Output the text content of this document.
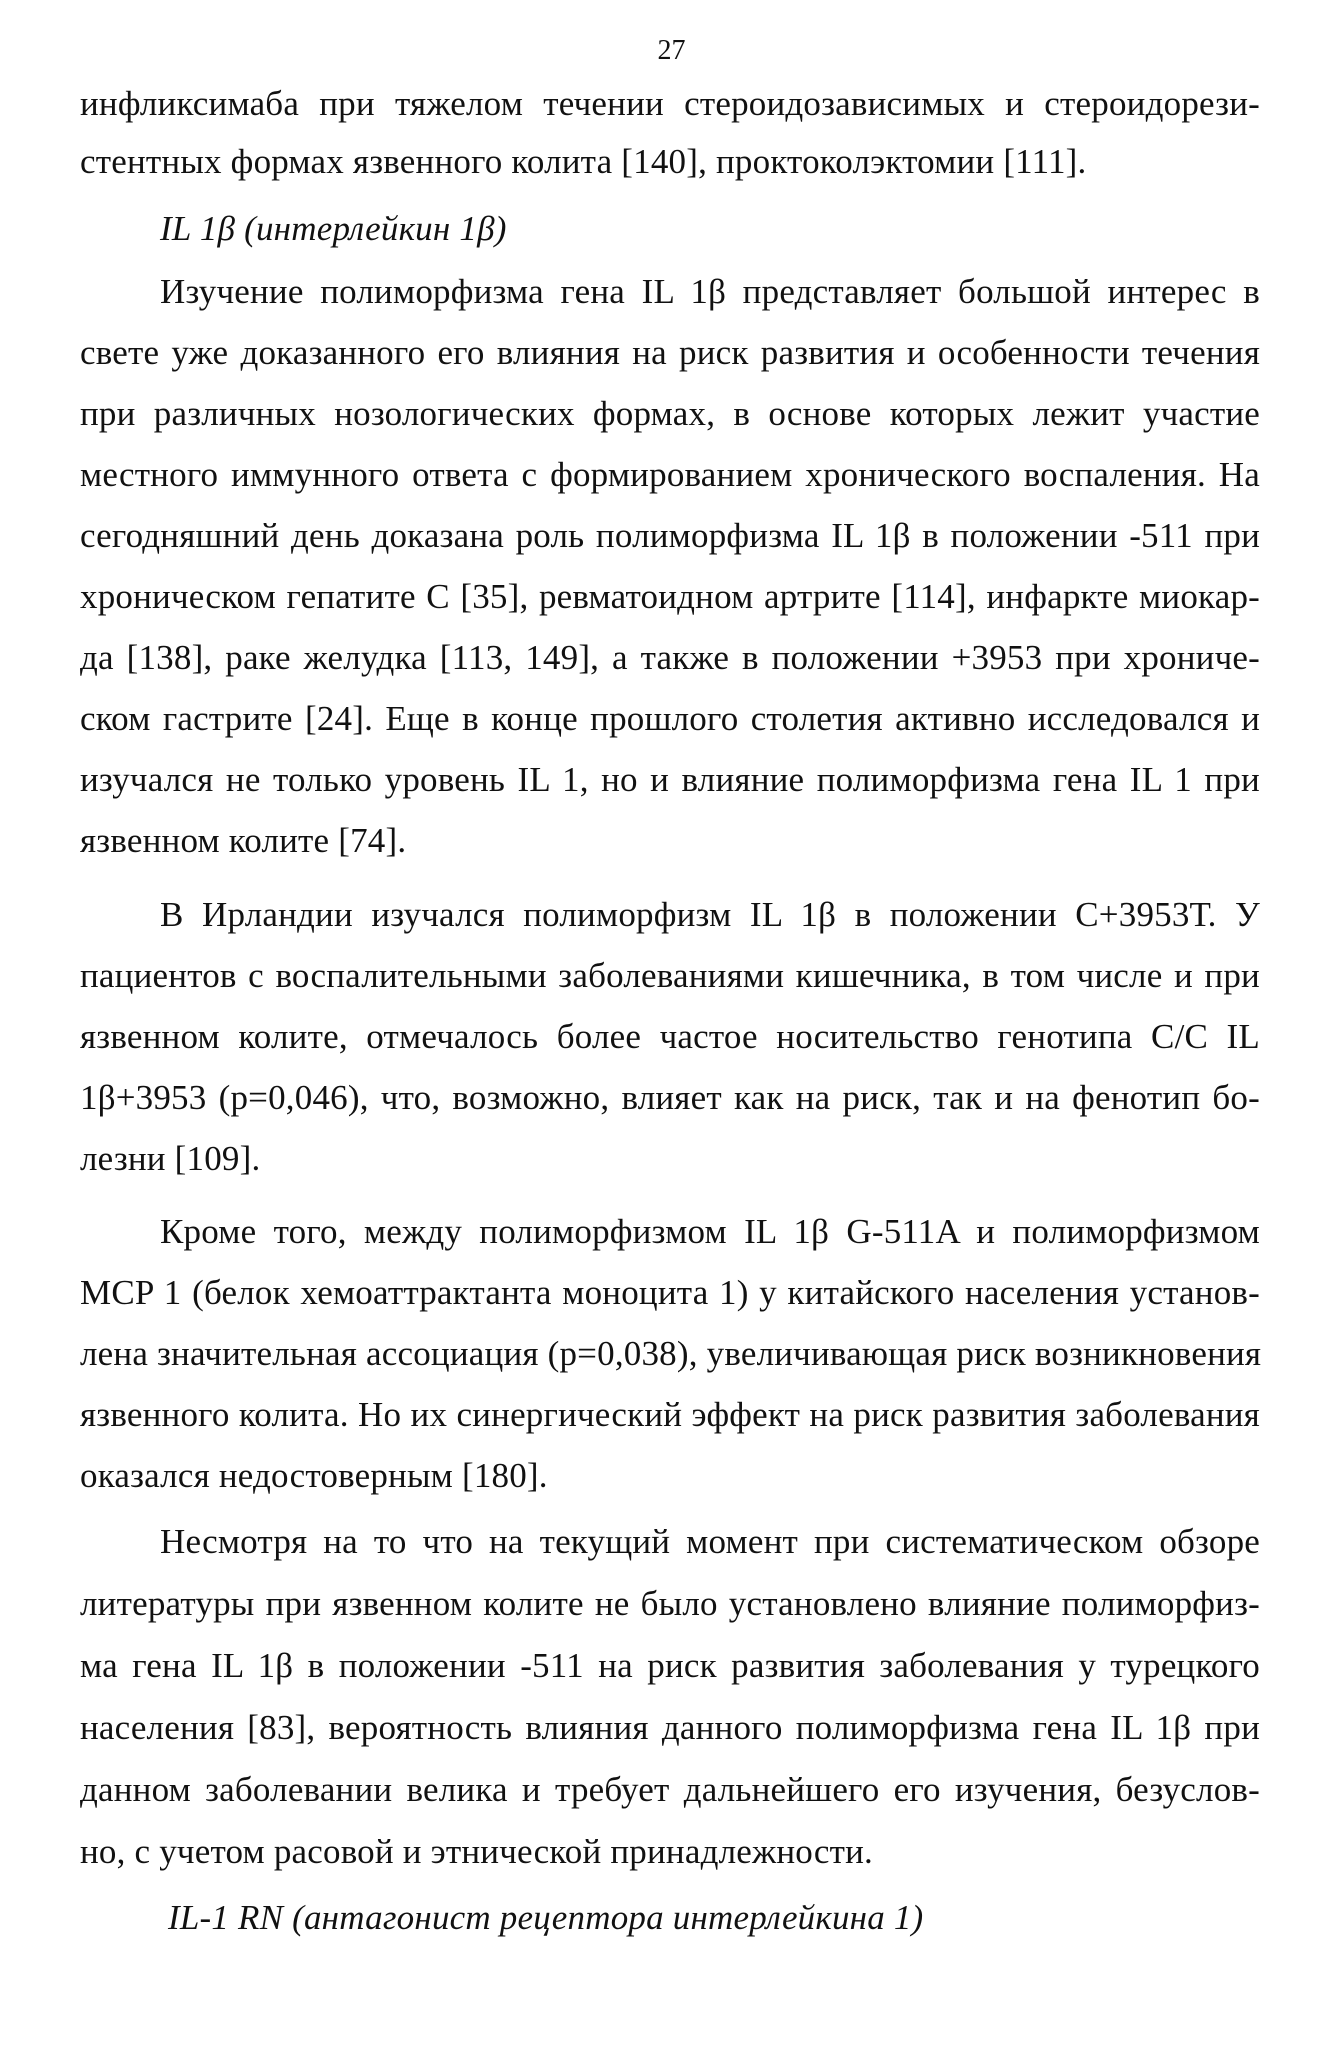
27
инфликсимаба при тяжелом течении стероидозависимых и стероидорези-
стентных формах язвенного колита [140], проктоколэктомии [111].
IL 1β (интерлейкин 1β)
Изучение полиморфизма гена IL 1β представляет большой интерес в
свете уже доказанного его влияния на риск развития и особенности течения
при различных нозологических формах, в основе которых лежит участие
местного иммунного ответа с формированием хронического воспаления. На
сегодняшний день доказана роль полиморфизма IL 1β в положении -511 при
хроническом гепатите С [35], ревматоидном артрите [114], инфаркте миокар-
да [138], раке желудка [113, 149], а также в положении +3953 при хрониче-
ском гастрите [24]. Еще в конце прошлого столетия активно исследовался и
изучался не только уровень IL 1, но и влияние полиморфизма гена IL 1 при
язвенном колите [74].
В Ирландии изучался полиморфизм IL 1β в положении С+3953Т. У
пациентов с воспалительными заболеваниями кишечника, в том числе и при
язвенном колите, отмечалось более частое носительство генотипа С/С IL
1β+3953 (р=0,046), что, возможно, влияет как на риск, так и на фенотип бо-
лезни [109].
Кроме того, между полиморфизмом IL 1β G-511A и полиморфизмом
MCP 1 (белок хемоаттрактанта моноцита 1) у китайского населения установ-
лена значительная ассоциация (р=0,038), увеличивающая риск возникновения
язвенного колита. Но их синергический эффект на риск развития заболевания
оказался недостоверным [180].
Несмотря на то что на текущий момент при систематическом обзоре
литературы при язвенном колите не было установлено влияние полиморфиз-
ма гена IL 1β в положении -511 на риск развития заболевания у турецкого
населения [83], вероятность влияния данного полиморфизма гена IL 1β при
данном заболевании велика и требует дальнейшего его изучения, безуслов-
но, с учетом расовой и этнической принадлежности.
IL-1 RN (антагонист рецептора интерлейкина 1)
